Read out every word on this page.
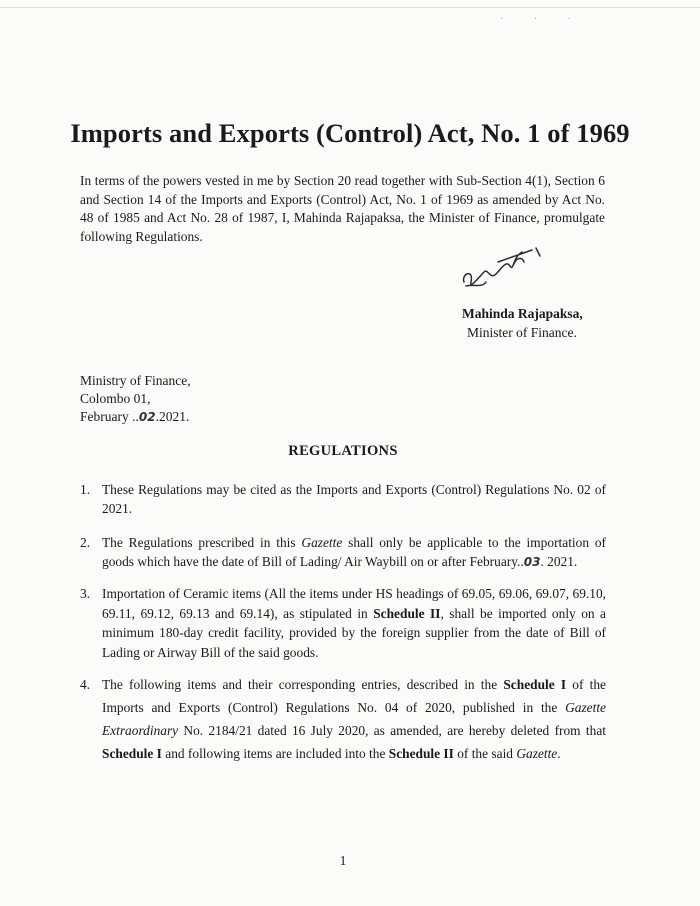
· · ·
Imports and Exports (Control) Act, No. 1 of 1969

In terms of the powers vested in me by Section 20 read together with Sub-Section 4(1), Section 6 and Section 14 of the Imports and Exports (Control) Act, No. 1 of 1969 as amended by Act No. 48 of 1985 and Act No. 28 of 1987, I, Mahinda Rajapaksa, the Minister of Finance, promulgate following Regulations.

Mahinda Rajapaksa,
Minister of Finance.
Ministry of Finance,
Colombo 01,
February ..02.2021.
REGULATIONS
1. These Regulations may be cited as the Imports and Exports (Control) Regulations No. 02 of 2021.
2. The Regulations prescribed in this Gazette shall only be applicable to the importation of goods which have the date of Bill of Lading/ Air Waybill on or after February..03. 2021.
3. Importation of Ceramic items (All the items under HS headings of 69.05, 69.06, 69.07, 69.10, 69.11, 69.12, 69.13 and 69.14), as stipulated in Schedule II, shall be imported only on a minimum 180-day credit facility, provided by the foreign supplier from the date of Bill of Lading or Airway Bill of the said goods.
4. The following items and their corresponding entries, described in the Schedule I of the Imports and Exports (Control) Regulations No. 04 of 2020, published in the Gazette Extraordinary No. 2184/21 dated 16 July 2020, as amended, are hereby deleted from that Schedule I and following items are included into the Schedule II of the said Gazette.
1
